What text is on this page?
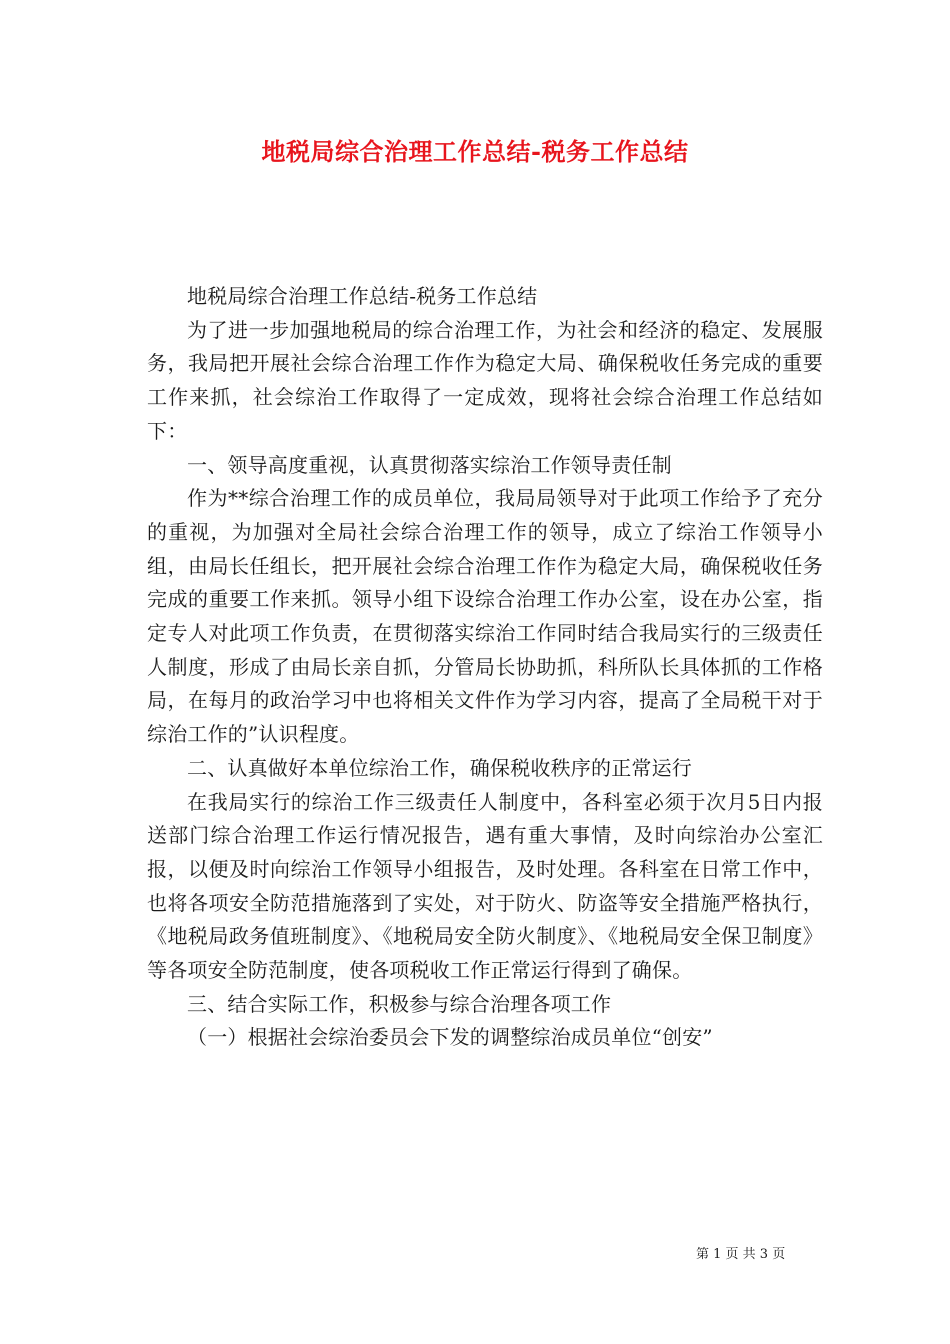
地税局综合治理工作总结-税务工作总结

地税局综合治理工作总结-税务工作总结

为了进一步加强地税局的综合治理工作，为社会和经济的稳定、发展服务，我局把开展社会综合治理工作作为稳定大局、确保税收任务完成的重要工作来抓，社会综治工作取得了一定成效，现将社会综合治理工作总结如下：

一、领导高度重视，认真贯彻落实综治工作领导责任制

作为**综合治理工作的成员单位，我局局领导对于此项工作给予了充分的重视，为加强对全局社会综合治理工作的领导，成立了综治工作领导小组，由局长任组长，把开展社会综合治理工作作为稳定大局，确保税收任务完成的重要工作来抓。领导小组下设综合治理工作办公室，设在办公室，指定专人对此项工作负责，在贯彻落实综治工作同时结合我局实行的三级责任人制度，形成了由局长亲自抓，分管局长协助抓，科所队长具体抓的工作格局，在每月的政治学习中也将相关文件作为学习内容，提高了全局税干对于综治工作的”认识程度。

二、认真做好本单位综治工作，确保税收秩序的正常运行

在我局实行的综治工作三级责任人制度中，各科室必须于次月5日内报送部门综合治理工作运行情况报告，遇有重大事情，及时向综治办公室汇报，以便及时向综治工作领导小组报告，及时处理。各科室在日常工作中，也将各项安全防范措施落到了实处，对于防火、防盗等安全措施严格执行，《地税局政务值班制度》、《地税局安全防火制度》、《地税局安全保卫制度》等各项安全防范制度，使各项税收工作正常运行得到了确保。

三、结合实际工作，积极参与综合治理各项工作

（一）根据社会综治委员会下发的调整综治成员单位“创安”

第 1 页 共 3 页
